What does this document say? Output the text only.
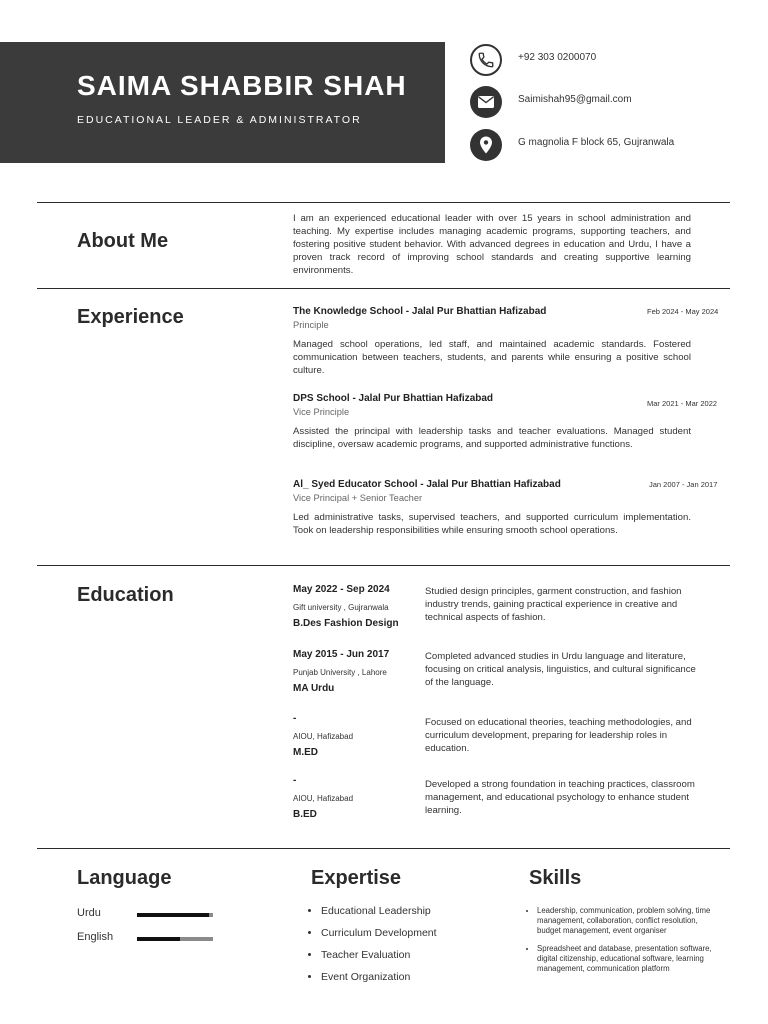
SAIMA SHABBIR SHAH
EDUCATIONAL LEADER & ADMINISTRATOR
+92 303 0200070
Saimishah95@gmail.com
G magnolia F block 65, Gujranwala
About Me
I am an experienced educational leader with over 15 years in school administration and teaching. My expertise includes managing academic programs, supporting teachers, and fostering positive student behavior. With advanced degrees in education and Urdu, I have a proven track record of improving school standards and creating supportive learning environments.
Experience	The Knowledge School - Jalal Pur Bhattian Hafizabad	Feb 2024 - May 2024
Principle
Managed school operations, led staff, and maintained academic standards. Fostered communication between teachers, students, and parents while ensuring a positive school culture.
DPS School - Jalal Pur Bhattian Hafizabad	Mar 2021 - Mar 2022
Vice Principle
Assisted the principal with leadership tasks and teacher evaluations. Managed student discipline, oversaw academic programs, and supported administrative functions.
Al_ Syed Educator School - Jalal Pur Bhattian Hafizabad	Jan 2007 - Jan 2017
Vice Principal + Senior Teacher
Led administrative tasks, supervised teachers, and supported curriculum implementation. Took on leadership responsibilities while ensuring smooth school operations.
Education	May 2022 - Sep 2024
Gift university , Gujranwala
B.Des Fashion Design
Studied design principles, garment construction, and fashion industry trends, gaining practical experience in creative and technical aspects of fashion.
May 2015 - Jun 2017
Punjab University , Lahore
MA Urdu
Completed advanced studies in Urdu language and literature, focusing on critical analysis, linguistics, and cultural significance of the language.
-
AIOU, Hafizabad
M.ED
Focused on educational theories, teaching methodologies, and curriculum development, preparing for leadership roles in education.
-
AIOU, Hafizabad
B.ED
Developed a strong foundation in teaching practices, classroom management, and educational psychology to enhance student learning.
Language
Urdu
English
Expertise
• Educational Leadership
• Curriculum Development
• Teacher Evaluation
• Event Organization
Skills
• Leadership, communication, problem solving, time management, collaboration, conflict resolution, budget management, event organiser
• Spreadsheet and database, presentation software, digital citizenship, educational software, learning management, communication platform
